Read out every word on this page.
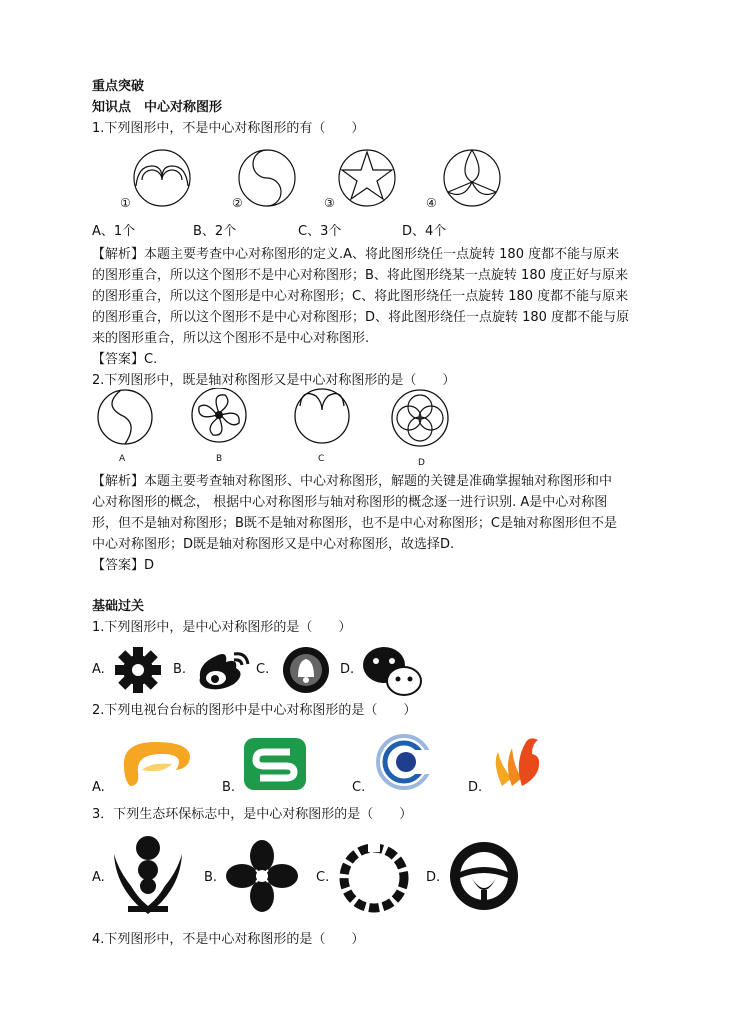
重点突破
知识点　中心对称图形
1.下列图形中，不是中心对称图形的有（　　）
①	②	③	④
A、1个	B、2个	C、3个	D、4个
【解析】本题主要考查中心对称图形的定义.A、将此图形绕任一点旋转 180 度都不能与原来
的图形重合，所以这个图形不是中心对称图形；B、将此图形绕某一点旋转 180 度正好与原来
的图形重合，所以这个图形是中心对称图形；C、将此图形绕任一点旋转 180 度都不能与原来
的图形重合，所以这个图形不是中心对称图形；D、将此图形绕任一点旋转 180 度都不能与原
来的图形重合，所以这个图形不是中心对称图形.
【答案】C.
2.下列图形中，既是轴对称图形又是中心对称图形的是（　　）
A	B	C	D
【解析】本题主要考查轴对称图形、中心对称图形，解题的关键是准确掌握轴对称图形和中
心对称图形的概念， 根据中心对称图形与轴对称图形的概念逐一进行识别. A是中心对称图
形，但不是轴对称图形；B既不是轴对称图形，也不是中心对称图形；C是轴对称图形但不是
中心对称图形；D既是轴对称图形又是中心对称图形，故选择D.
【答案】D
基础过关
1.下列图形中，是中心对称图形的是（　　）
A.	B.	C.	D.
2.下列电视台台标的图形中是中心对称图形的是（　　）
A.	B.	C.	D.
3．下列生态环保标志中，是中心对称图形的是（　　）
A.	B.	C.	D.
4.下列图形中，不是中心对称图形的是（　　）
